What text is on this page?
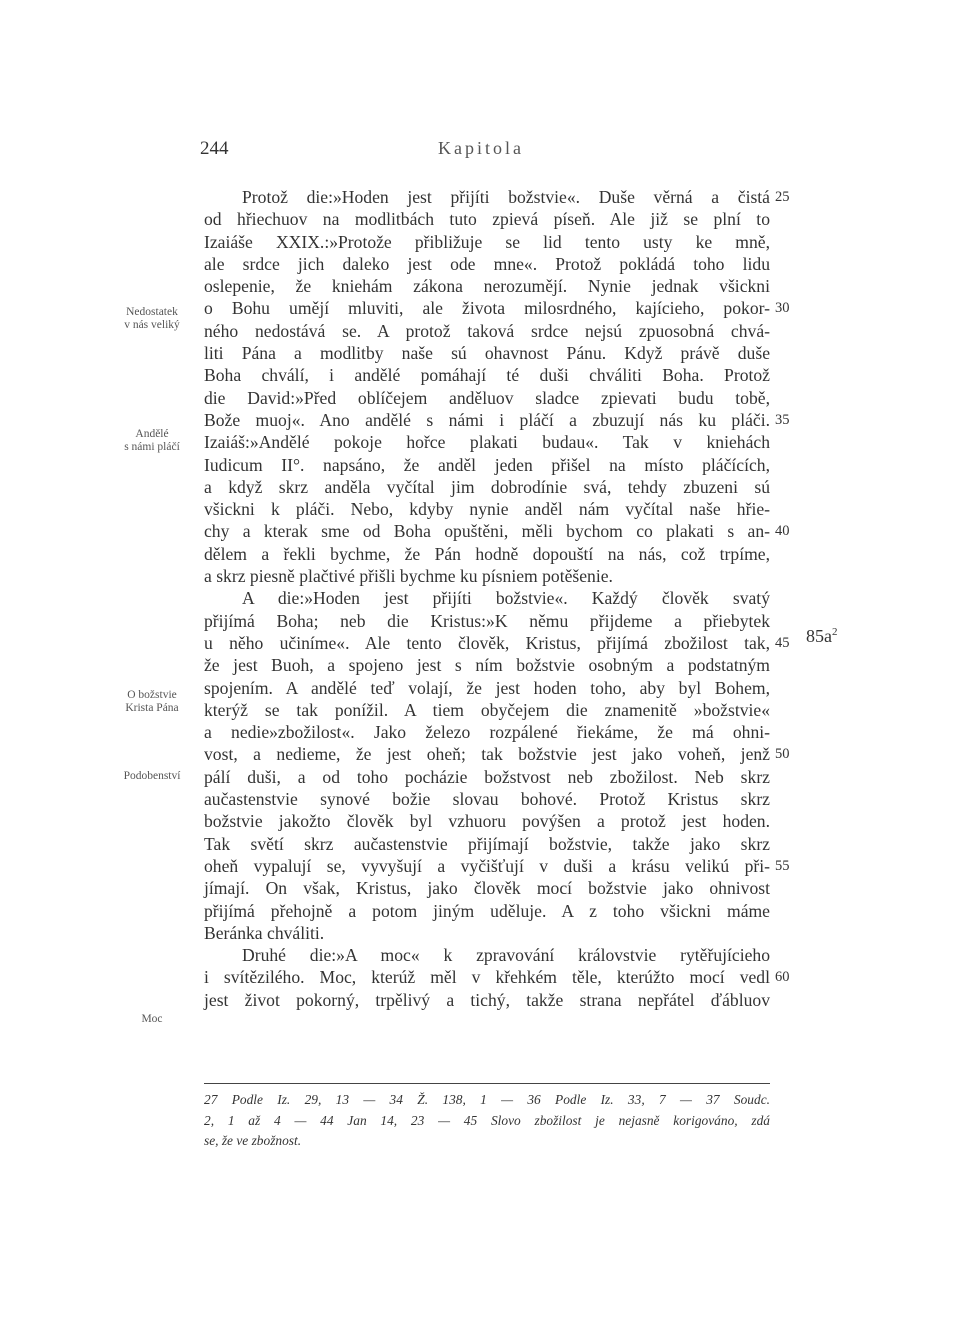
244	Kapitola
Nedostatek
v nás veliký
Andělé
s námi pláčí
O božstvie
Krista Pána
Podobenství
Moc
$85a^2$
Protož die:»Hoden jest přijíti božstvie«. Duše věrná a čistá 25
od hřiechuov na modlitbách tuto zpievá píseň. Ale již se plní to
Izaiáše XXIX.:»Protože přibližuje se lid tento usty ke mně,
ale srdce jich daleko jest ode mne«. Protož pokládá toho lidu
oslepenie, že kniehám zákona nerozumějí. Nynie jednak všickni
o Bohu umějí mluviti, ale života milosrdného, kajícieho, pokor- 30
ného nedostává se. A protož taková srdce nejsú zpuosobná chvá-
liti Pána a modlitby naše sú ohavnost Pánu. Když právě duše
Boha chválí, i andělé pomáhají té duši chváliti Boha. Protož
die David:»Před oblíčejem anděluov sladce zpievati budu tobě,
Bože muoj«. Ano andělé s námi i pláčí a zbuzují nás ku pláči. 35
Izaiáš:»Andělé pokoje hořce plakati budau«. Tak v kniehách
Iudicum II°. napsáno, že anděl jeden přišel na místo pláčících,
a když skrz anděla vyčítal jim dobrodínie svá, tehdy zbuzeni sú
všickni k pláči. Nebo, kdyby nynie anděl nám vyčítal naše hřie-
chy a kterak sme od Boha opuštěni, měli bychom co plakati s an- 40
dělem a řekli bychme, že Pán hodně dopouští na nás, což trpíme,
a skrz piesně plačtivé přišli bychme ku písniem potěšenie.
A die:»Hoden jest přijíti božstvie«. Každý člověk svatý
přijímá Boha; neb die Kristus:»K němu přijdeme a přiebytek
u něho učiníme«. Ale tento člověk, Kristus, přijímá zbožilost tak, 45
že jest Buoh, a spojeno jest s ním božstvie osobným a podstatným
spojením. A andělé teď volají, že jest hoden toho, aby byl Bohem,
kterýž se tak ponížil. A tiem obyčejem die znamenitě »božstvie«
a nedie»zbožilost«. Jako železo rozpálené řiekáme, že má ohni-
vost, a nedieme, že jest oheň; tak božstvie jest jako voheň, jenž 50
pálí duši, a od toho pocházie božstvost neb zbožilost. Neb skrz
aučastenstvie synové božie slovau bohové. Protož Kristus skrz
božstvie jakožto člověk byl vzhuoru povýšen a protož jest hoden.
Tak světí skrz aučastenstvie přijímají božstvie, takže jako skrz
oheň vypalují se, vyvyšují a vyčišťují v duši a krásu velikú při- 55
jímají. On však, Kristus, jako člověk mocí božstvie jako ohnivost
přijímá přehojně a potom jiným uděluje. A z toho všickni máme
Beránka chváliti.
Druhé die:»A moc« k zpravování královstvie rytěřujícieho
i svítězilého. Moc, kterúž měl v křehkém těle, kterúžto mocí vedl 60
jest život pokorný, trpělivý a tichý, takže strana nepřátel ďábluov
27 Podle Iz. 29, 13 — 34 Ž. 138, 1 — 36 Podle Iz. 33, 7 — 37 Soudc.
2, 1 až 4 — 44 Jan 14, 23 — 45 Slovo zbožilost je nejasně korigováno, zdá
se, že ve zbožnost.
